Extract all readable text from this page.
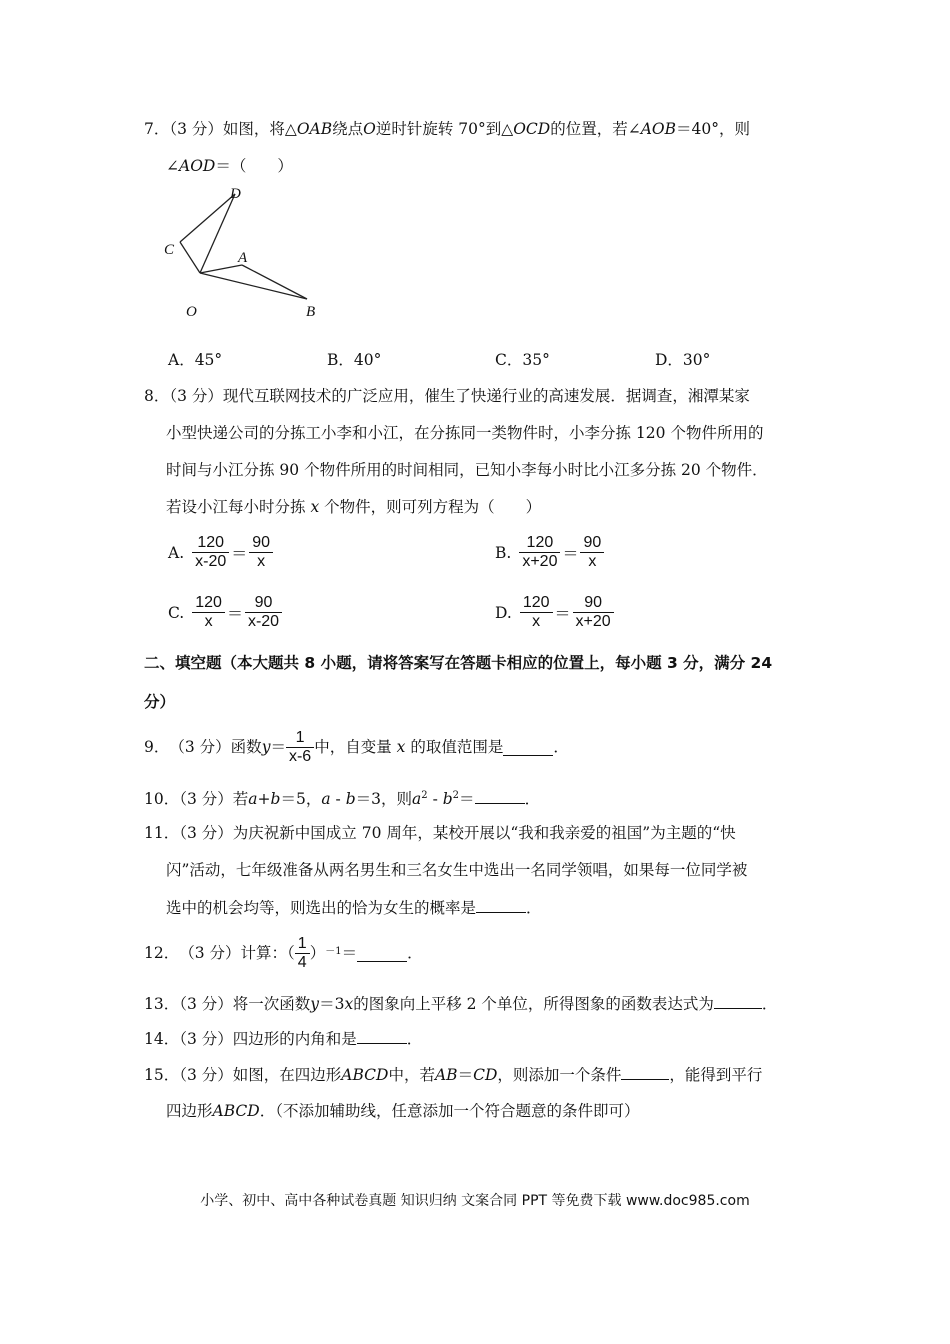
7．（3 分）如图，将△OAB绕点O逆时针旋转 70°到△OCD的位置，若∠AOB＝40°，则
∠AOD＝（　　）
D
C	A
O	B
A．45°	B．40°	C．35°	D．30°
8．（3 分）现代互联网技术的广泛应用，催生了快递行业的高速发展．据调查，湘潭某家
小型快递公司的分拣工小李和小江，在分拣同一类物件时，小李分拣 120 个物件所用的
时间与小江分拣 90 个物件所用的时间相同，已知小李每小时比小江多分拣 20 个物件．
若设小江每小时分拣 x 个物件，则可列方程为（　　）
A. $\frac{120}{x-20} = \frac{90}{x}$	B. $\frac{120}{x+20} = \frac{90}{x}$
C. $\frac{120}{x} = \frac{90}{x-20}$	D. $\frac{120}{x} = \frac{90}{x+20}$
二、填空题（本大题共 8 小题，请将答案写在答题卡相应的位置上，每小题 3 分，满分 24
分）
9． （3 分） 函数 $y = \frac{1}{x-6}$ 中，自变量
x
的取值范围是	．
10．（3 分）若a+b＝5，a - b＝3，则$a^2 - b^2=$	．
11．（3 分）为庆祝新中国成立 70 周年，某校开展以“我和我亲爱的祖国”为主题的“快
闪”活动，七年级准备从两名男生和三名女生中选出一名同学领唱，如果每一位同学被
选中的机会均等，则选出的恰为女生的概率是	．
12． （3 分） 计算：（ $\frac{1}{4}$ ） －1 ＝	．
13．（3 分）将一次函数y＝3x的图象向上平移 2 个单位，所得图象的函数表达式为	．
14．（3 分）四边形的内角和是	．
15．（3 分）如图，在四边形ABCD中，若AB＝CD，则添加一个条件	，能得到平行
四边形ABCD．（不添加辅助线，任意添加一个符合题意的条件即可）
小学、初中、高中各种试卷真题 知识归纳 文案合同 PPT 等免费下载 www.doc985.com
